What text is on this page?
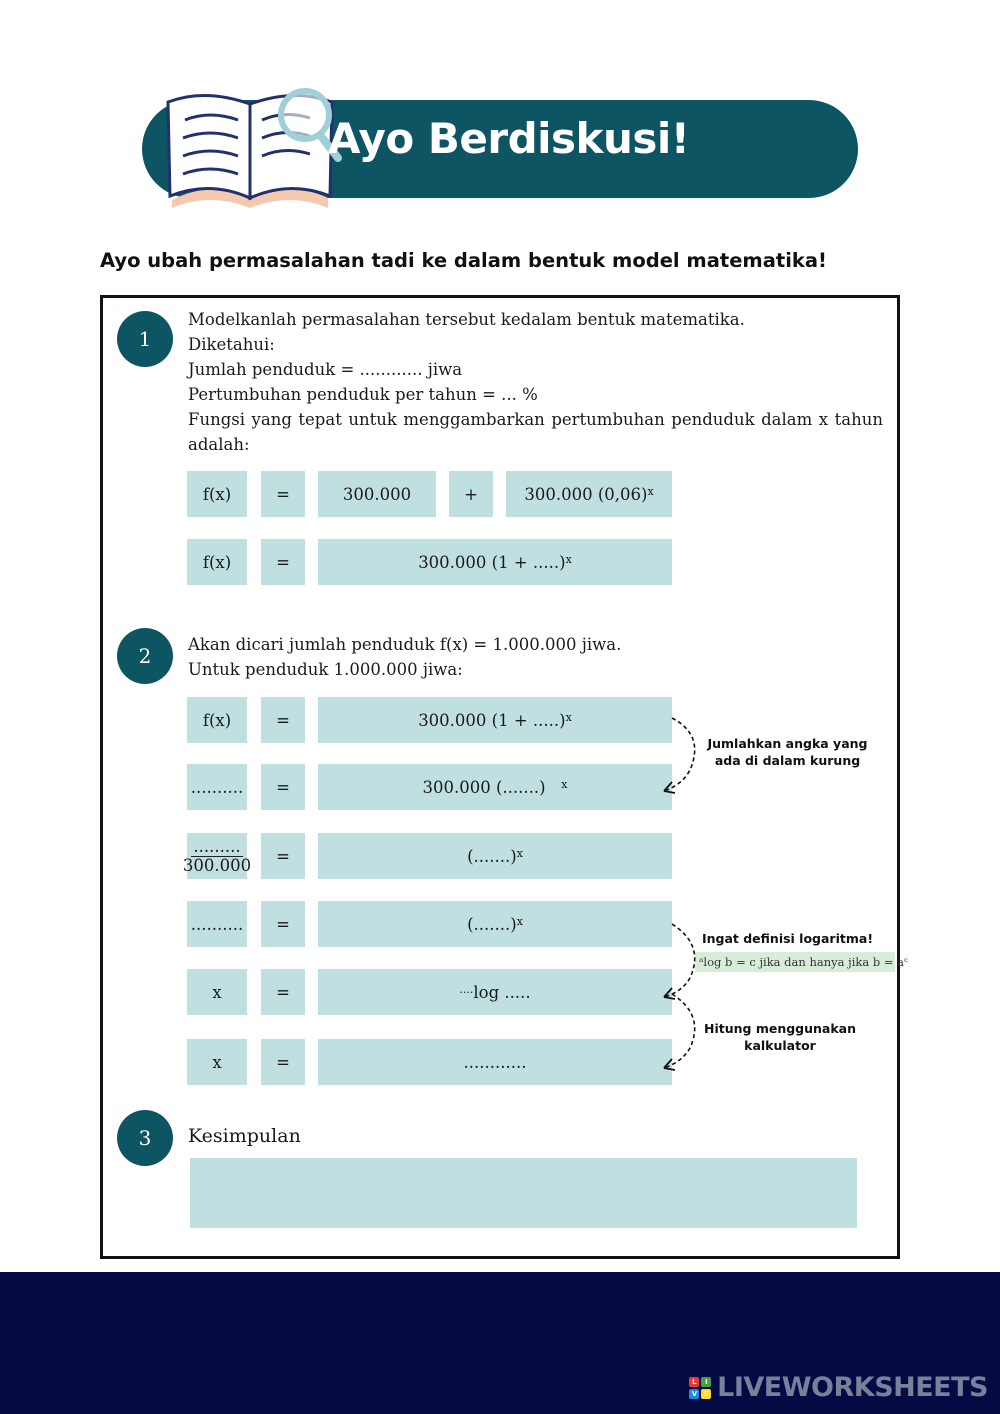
Ayo Berdiskusi!
Ayo ubah permasalahan tadi ke dalam bentuk model matematika!
1
Modelkanlah permasalahan tersebut kedalam bentuk matematika.
Diketahui:
Jumlah penduduk = ............ jiwa
Pertumbuhan penduduk per tahun = ... %
Fungsi yang tepat untuk menggambarkan pertumbuhan penduduk dalam x tahun adalah:
f(x)	=	300.000	+	300.000 $(0,06)^x$
f(x)	=	300.000 (1 + .....)$^x$
2	Akan dicari jumlah penduduk f(x) = 1.000.000 jiwa.
Untuk penduduk 1.000.000 jiwa:
f(x)	=	300.000 (1 + .....)$^x$
..........	=	300.000 (.......)
$^x$
$\frac{.........}{300.000}$	=	(.......)$^x$
..........	=	(.......)$^x$
x	=	.... log .....
x	=	............
Jumlahkan angka yang
ada di dalam kurung
Ingat definisi logaritma!
ᵃlog b = c jika dan hanya jika b = aᶜ
Hitung menggunakan
kalkulator
3	Kesimpulan
L	I
V	E LIVEWORKSHEETS
